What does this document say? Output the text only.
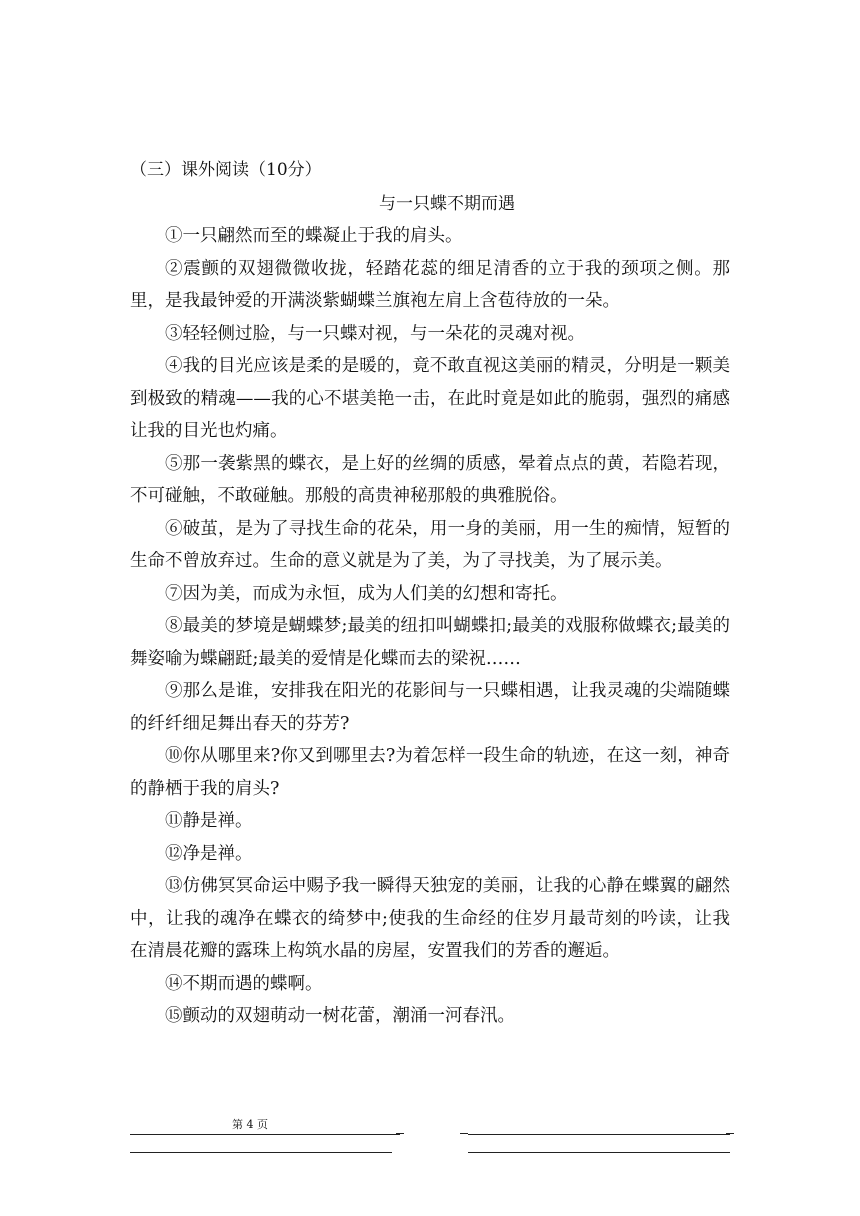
（三）课外阅读（10分）
与一只蝶不期而遇

①一只翩然而至的蝶凝止于我的肩头。

②震颤的双翅微微收拢，轻踏花蕊的细足清香的立于我的颈项之侧。那里，是我最钟爱的开满淡紫蝴蝶兰旗袍左肩上含苞待放的一朵。

③轻轻侧过脸，与一只蝶对视，与一朵花的灵魂对视。

④我的目光应该是柔的是暖的，竟不敢直视这美丽的精灵，分明是一颗美到极致的精魂——我的心不堪美艳一击，在此时竟是如此的脆弱，强烈的痛感让我的目光也灼痛。

⑤那一袭紫黑的蝶衣，是上好的丝绸的质感，晕着点点的黄，若隐若现，不可碰触，不敢碰触。那般的高贵神秘那般的典雅脱俗。

⑥破茧，是为了寻找生命的花朵，用一身的美丽，用一生的痴情，短暂的生命不曾放弃过。生命的意义就是为了美，为了寻找美，为了展示美。

⑦因为美，而成为永恒，成为人们美的幻想和寄托。

⑧最美的梦境是蝴蝶梦;最美的纽扣叫蝴蝶扣;最美的戏服称做蝶衣;最美的舞姿喻为蝶翩跹;最美的爱情是化蝶而去的梁祝……

⑨那么是谁，安排我在阳光的花影间与一只蝶相遇，让我灵魂的尖端随蝶的纤纤细足舞出春天的芬芳?

⑩你从哪里来?你又到哪里去?为着怎样一段生命的轨迹，在这一刻，神奇的静栖于我的肩头?

⑪静是禅。

⑫净是禅。

⑬仿佛冥冥命运中赐予我一瞬得天独宠的美丽，让我的心静在蝶翼的翩然中，让我的魂净在蝶衣的绮梦中;使我的生命经的住岁月最苛刻的吟读，让我在清晨花瓣的露珠上构筑水晶的房屋，安置我们的芳香的邂逅。

⑭不期而遇的蝶啊。

⑮颤动的双翅萌动一树花蕾，潮涌一河春汛。

第 4 页
